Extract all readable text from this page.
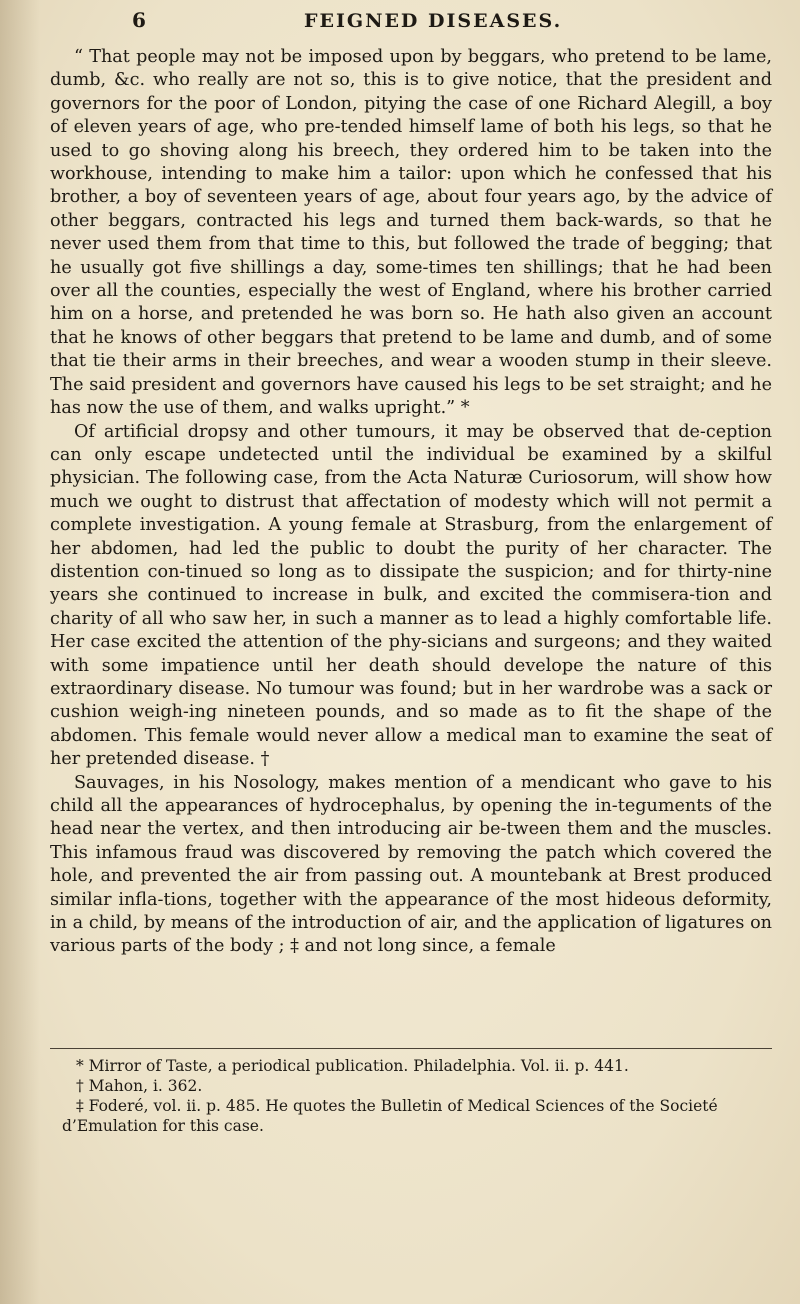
6	FEIGNED DISEASES.

“ That people may not be imposed upon by beggars, who pretend to be lame, dumb, &c. who really are not so, this is to give notice, that the president and governors for the poor of London, pitying the case of one Richard Alegill, a boy of eleven years of age, who pre-tended himself lame of both his legs, so that he used to go shoving along his breech, they ordered him to be taken into the workhouse, intending to make him a tailor: upon which he confessed that his brother, a boy of seventeen years of age, about four years ago, by the advice of other beggars, contracted his legs and turned them back-wards, so that he never used them from that time to this, but followed the trade of begging; that he usually got five shillings a day, some-times ten shillings; that he had been over all the counties, especially the west of England, where his brother carried him on a horse, and pretended he was born so. He hath also given an account that he knows of other beggars that pretend to be lame and dumb, and of some that tie their arms in their breeches, and wear a wooden stump in their sleeve. The said president and governors have caused his legs to be set straight; and he has now the use of them, and walks upright.” *

Of artificial dropsy and other tumours, it may be observed that de-ception can only escape undetected until the individual be examined by a skilful physician. The following case, from the Acta Naturæ Curiosorum, will show how much we ought to distrust that affectation of modesty which will not permit a complete investigation. A young female at Strasburg, from the enlargement of her abdomen, had led the public to doubt the purity of her character. The distention con-tinued so long as to dissipate the suspicion; and for thirty-nine years she continued to increase in bulk, and excited the commisera-tion and charity of all who saw her, in such a manner as to lead a highly comfortable life. Her case excited the attention of the phy-sicians and surgeons; and they waited with some impatience until her death should develope the nature of this extraordinary disease. No tumour was found; but in her wardrobe was a sack or cushion weigh-ing nineteen pounds, and so made as to fit the shape of the abdomen. This female would never allow a medical man to examine the seat of her pretended disease. †

Sauvages, in his Nosology, makes mention of a mendicant who gave to his child all the appearances of hydrocephalus, by opening the in-teguments of the head near the vertex, and then introducing air be-tween them and the muscles. This infamous fraud was discovered by removing the patch which covered the hole, and prevented the air from passing out. A mountebank at Brest produced similar infla-tions, together with the appearance of the most hideous deformity, in a child, by means of the introduction of air, and the application of ligatures on various parts of the body ; ‡ and not long since, a female

* Mirror of Taste, a periodical publication. Philadelphia. Vol. ii. p. 441.

† Mahon, i. 362.

‡ Foderé, vol. ii. p. 485. He quotes the Bulletin of Medical Sciences of the Societé d’Emulation for this case.
